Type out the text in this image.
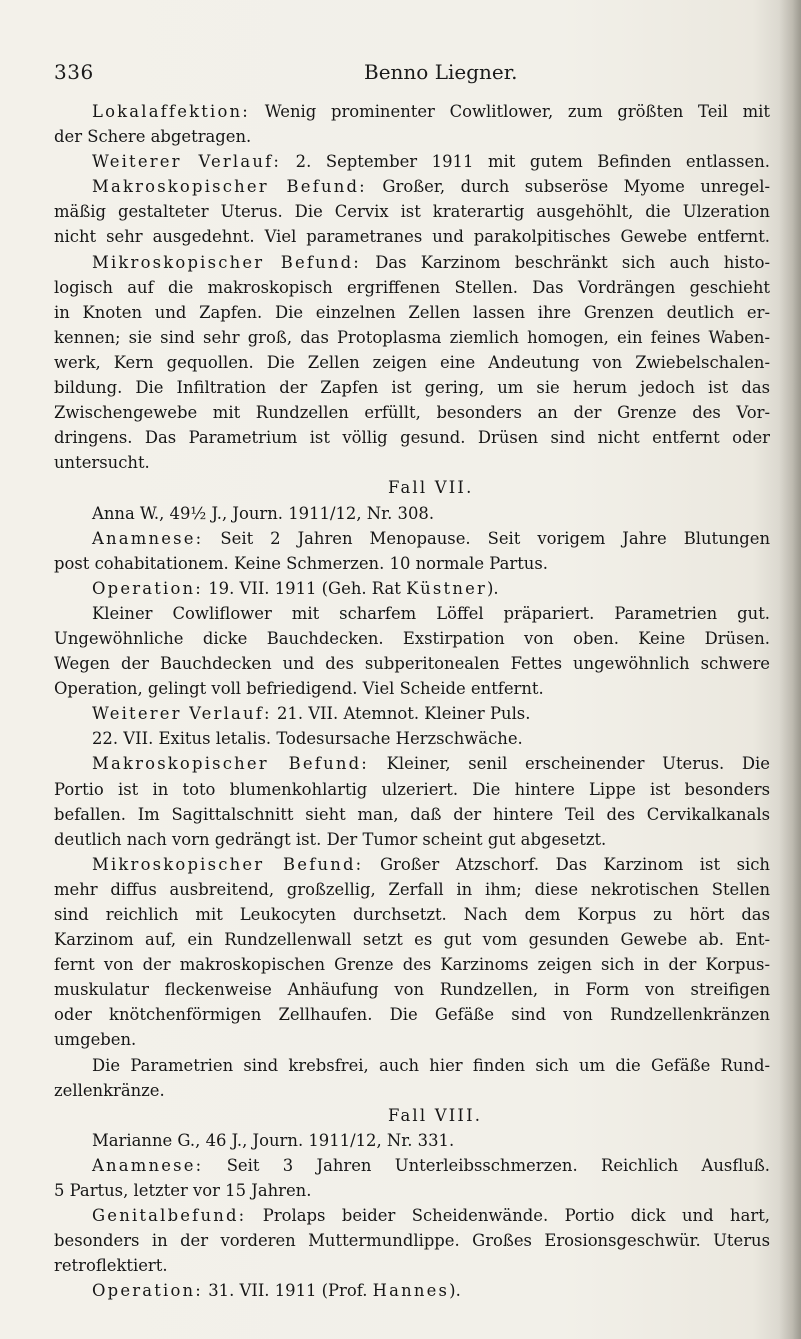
336	Benno Liegner.
Lokalaffektion: Wenig prominenter Cowlitlower, zum größten Teil mit
der Schere abgetragen.
Weiterer Verlauf: 2. September 1911 mit gutem Befinden entlassen.
Makroskopischer Befund: Großer, durch subseröse Myome unregel-
mäßig gestalteter Uterus. Die Cervix ist kraterartig ausgehöhlt, die Ulzeration
nicht sehr ausgedehnt. Viel parametranes und parakolpitisches Gewebe entfernt.
Mikroskopischer Befund: Das Karzinom beschränkt sich auch histo-
logisch auf die makroskopisch ergriffenen Stellen. Das Vordrängen geschieht
in Knoten und Zapfen. Die einzelnen Zellen lassen ihre Grenzen deutlich er-
kennen; sie sind sehr groß, das Protoplasma ziemlich homogen, ein feines Waben-
werk, Kern gequollen. Die Zellen zeigen eine Andeutung von Zwiebelschalen-
bildung. Die Infiltration der Zapfen ist gering, um sie herum jedoch ist das
Zwischengewebe mit Rundzellen erfüllt, besonders an der Grenze des Vor-
dringens. Das Parametrium ist völlig gesund. Drüsen sind nicht entfernt oder
untersucht.
Fall VII.
Anna W., 49½ J., Journ. 1911/12, Nr. 308.
Anamnese: Seit 2 Jahren Menopause. Seit vorigem Jahre Blutungen
post cohabitationem. Keine Schmerzen. 10 normale Partus.
Operation: 19. VII. 1911 (Geh. Rat Küstner).
Kleiner Cowliflower mit scharfem Löffel präpariert. Parametrien gut.
Ungewöhnliche dicke Bauchdecken. Exstirpation von oben. Keine Drüsen.
Wegen der Bauchdecken und des subperitonealen Fettes ungewöhnlich schwere
Operation, gelingt voll befriedigend. Viel Scheide entfernt.
Weiterer Verlauf: 21. VII. Atemnot. Kleiner Puls.
22. VII. Exitus letalis. Todesursache Herzschwäche.
Makroskopischer Befund: Kleiner, senil erscheinender Uterus. Die
Portio ist in toto blumenkohlartig ulzeriert. Die hintere Lippe ist besonders
befallen. Im Sagittalschnitt sieht man, daß der hintere Teil des Cervikalkanals
deutlich nach vorn gedrängt ist. Der Tumor scheint gut abgesetzt.
Mikroskopischer Befund: Großer Atzschorf. Das Karzinom ist sich
mehr diffus ausbreitend, großzellig, Zerfall in ihm; diese nekrotischen Stellen
sind reichlich mit Leukocyten durchsetzt. Nach dem Korpus zu hört das
Karzinom auf, ein Rundzellenwall setzt es gut vom gesunden Gewebe ab. Ent-
fernt von der makroskopischen Grenze des Karzinoms zeigen sich in der Korpus-
muskulatur fleckenweise Anhäufung von Rundzellen, in Form von streifigen
oder knötchenförmigen Zellhaufen. Die Gefäße sind von Rundzellenkränzen
umgeben.
Die Parametrien sind krebsfrei, auch hier finden sich um die Gefäße Rund-
zellenkränze.
Fall VIII.
Marianne G., 46 J., Journ. 1911/12, Nr. 331.
Anamnese: Seit 3 Jahren Unterleibsschmerzen. Reichlich Ausfluß.
5 Partus, letzter vor 15 Jahren.
Genitalbefund: Prolaps beider Scheidenwände. Portio dick und hart,
besonders in der vorderen Muttermundlippe. Großes Erosionsgeschwür. Uterus
retroflektiert.
Operation: 31. VII. 1911 (Prof. Hannes).
